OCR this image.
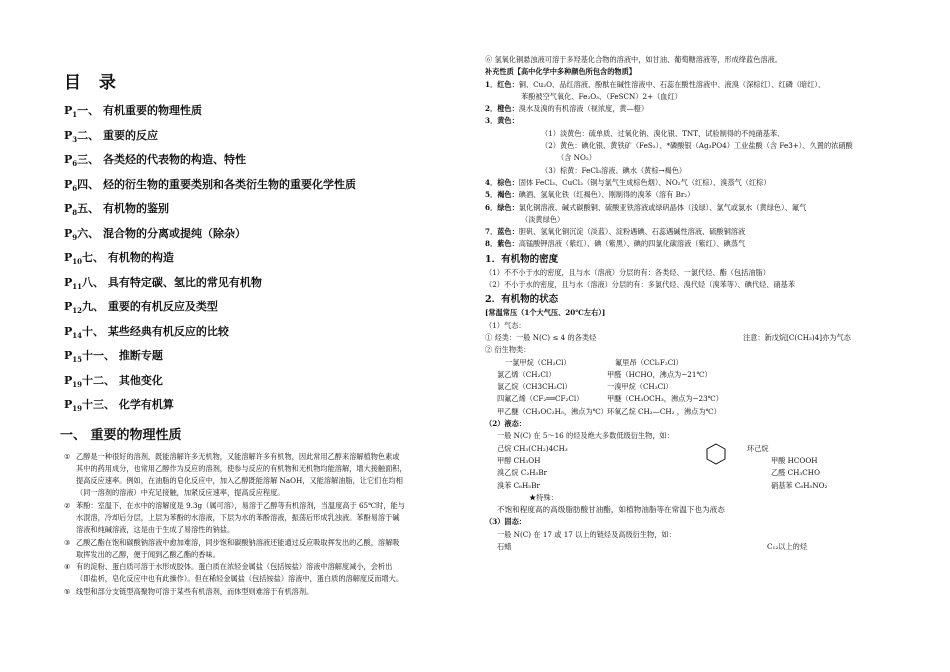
目 录
$P_1$一、 有机重要的物理性质
$P_3$二、 重要的反应
$P_6$三、 各类烃的代表物的构造、特性
$P_6$四、 烃的衍生物的重要类别和各类衍生物的重要化学性质
$P_8$五、 有机物的鉴别
$P_9$六、 混合物的分离或提纯（除杂）
$P_{10}$七、 有机物的构造
$P_{11}$八、 具有特定碳、氢比的常见有机物
$P_{12}$九、 重要的有机反应及类型
$P_{14}$十、 某些经典有机反应的比较
$P_{15}$十一、 推断专题
$P_{19}$十二、 其他变化
$P_{19}$十三、 化学有机算
一、 重要的物理性质
① 乙醇是一种很好的溶剂，既能溶解许多无机物，又能溶解许多有机物，因此常用乙醇来溶解植物色素或
其中的药用成分，也常用乙醇作为反应的溶剂，使参与反应的有机物和无机物均能溶解，增大接触面积，
提高反应速率。例如，在油脂的皂化反应中，加入乙醇既能溶解 NaOH，又能溶解油脂，让它们在均相
（同一溶剂的溶液）中充足接触，加紧反应速率，提高反应程度。
② 苯酚：室温下，在水中的溶解度是 9.3g（属可溶），易溶于乙醇等有机溶剂，当温度高于 65℃时，能与
水混溶，冷却后分层，上层为苯酚的水溶液，下层为水的苯酚溶液，振荡后形成乳浊液。苯酚易溶于碱
溶液和纯碱溶液，这是由于生成了易溶性的钠盐。
③ 乙酸乙酯在饱和碳酸钠溶液中愈加难溶，同步饱和碳酸钠溶液还能通过反应吸取挥发出的乙酸，溶解吸
取挥发出的乙醇，便于闻到乙酸乙酯的香味。
④ 有的淀粉、蛋白质可溶于水形成胶体。蛋白质在浓轻金属盐（包括铵盐）溶液中溶解度减小，会析出
（即盐析，皂化反应中也有此操作）。但在稀轻金属盐（包括铵盐）溶液中，蛋白质的溶解度反而增大。
⑤ 线型和部分支链型高聚物可溶于某些有机溶剂，而体型则难溶于有机溶剂。
⑥ 氢氧化铜悬浊液可溶于多羟基化合物的溶液中，如甘油、葡萄糖溶液等，形成绛蓝色溶液。
补充性质【高中化学中多种颜色所包含的物质】
1．红色：铜、Cu₂O、品红溶液、酚酞在碱性溶液中、石蕊在酸性溶液中、液溴（深棕红）、红磷（暗红）、
苯酚被空气氧化、Fe₂O₃、（FeSCN）2+（血红）
2．橙色：溴水及溴的有机溶液（视浓度，黄—橙）
3．黄色：
（1）淡黄色：硫单质、过氧化钠、溴化银、TNT、试验制得的不纯硝基苯、
（2）黄色：碘化银、黄铁矿（FeS₂）、*磷酸银（Ag₃PO4）工业盐酸（含 Fe3+）、久置的浓硝酸
（含 NO₂）
（3）棕黄：FeCl₃溶液、碘水（黄棕→褐色）
4．棕色：固体 FeCl₃、CuCl₂（铜与氯气生成棕色烟）、NO₂气（红棕）、溴蒸气（红棕）
5．褐色：碘酒、氢氧化铁（红褐色）、刚制得的溴苯（溶有 Br₂）
6．绿色：氯化铜溶液、碱式碳酸铜、硫酸亚铁溶液或绿矾晶体（浅绿）、氯气或氯水（黄绿色）、氟气
（淡黄绿色）
7．蓝色：胆矾、氢氧化铜沉淀（淡蓝）、淀粉遇碘、石蕊遇碱性溶液、硫酸铜溶液
8．紫色：高锰酸钾溶液（紫红）、碘（紫黑）、碘的四氯化碳溶液（紫红）、碘蒸气
1．有机物的密度
（1）不不小于水的密度，且与水（溶液）分层的有：各类烃、一氯代烃、酯（包括油脂）
（2）不小于水的密度，且与水（溶液）分层的有：多氯代烃、溴代烃（溴苯等）、碘代烃、硝基苯
2．有机物的状态
[常温常压（1个大气压、20℃左右）]
（1）气态：
① 烃类：一般 N(C) ≤ 4 的各类烃	注意：新戊烷[C(CH₃)4]亦为气态
② 衍生物类：
一氯甲烷（CH₃Cl）	氟里昂（CCl₂F₂Cl）
氯乙烯（CH₂Cl）	甲醛（HCHO，沸点为−21℃）
氯乙烷（CH3CH₂Cl）	一溴甲烷（CH₃Cl）
四氟乙烯（CF₂══CF₂Cl）	甲醚（CH₃OCH₃，沸点为−23℃）
甲乙醚（CH₃OC₂H₅，沸点为℃） 环氧乙烷 CH₂—CH₂ ，沸点为℃）
（2）液态：
一般 N(C) 在 5～16 的烃及绝大多数低级衍生物，如：
己烷 CH₃(CH₂)4CH₃	环己烷
甲醇 CH₃OH	甲酸 HCOOH
溴乙烷 C₂H₅Br	乙醛 CH₃CHO
溴苯 C₆H₅Br	硝基苯 C₆H₅NO₂
★特殊：
不饱和程度高的高级脂肪酸甘油酯，如植物油脂等在常温下也为液态
（3）固态：
一般 N(C) 在 17 或 17 以上的链烃及高级衍生物，如：
石蜡	C₁₂以上的烃
